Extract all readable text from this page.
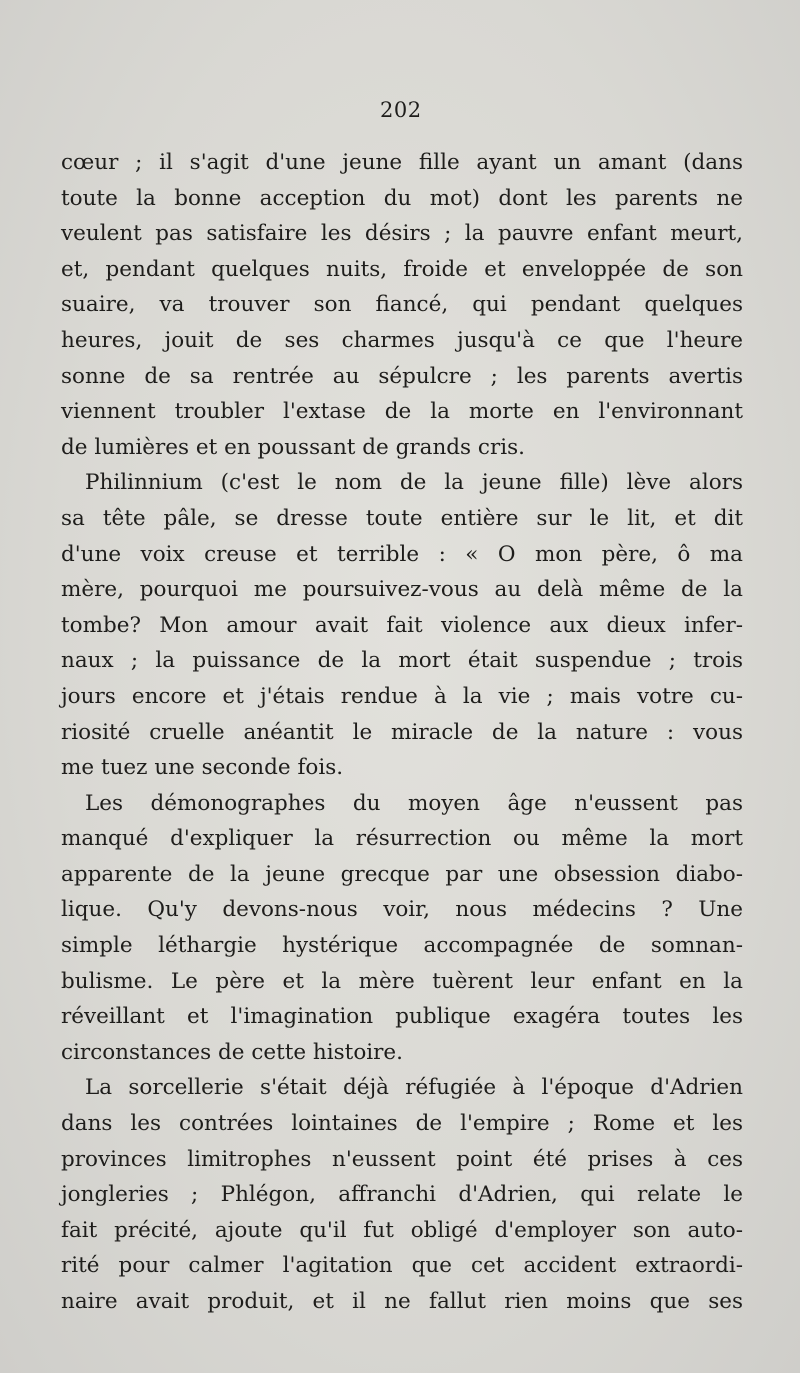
202
cœur ; il s'agit d'une jeune fille ayant un amant (dans
toute la bonne acception du mot) dont les parents ne
veulent pas satisfaire les désirs ; la pauvre enfant meurt,
et, pendant quelques nuits, froide et enveloppée de son
suaire, va trouver son fiancé, qui pendant quelques
heures, jouit de ses charmes jusqu'à ce que l'heure
sonne de sa rentrée au sépulcre ; les parents avertis
viennent troubler l'extase de la morte en l'environnant
de lumières et en poussant de grands cris.
Philinnium (c'est le nom de la jeune fille) lève alors
sa tête pâle, se dresse toute entière sur le lit, et dit
d'une voix creuse et terrible : « O mon père, ô ma
mère, pourquoi me poursuivez-vous au delà même de la
tombe? Mon amour avait fait violence aux dieux infer-
naux ; la puissance de la mort était suspendue ; trois
jours encore et j'étais rendue à la vie ; mais votre cu-
riosité cruelle anéantit le miracle de la nature : vous
me tuez une seconde fois.
Les démonographes du moyen âge n'eussent pas
manqué d'expliquer la résurrection ou même la mort
apparente de la jeune grecque par une obsession diabo-
lique. Qu'y devons-nous voir, nous médecins ? Une
simple léthargie hystérique accompagnée de somnan-
bulisme. Le père et la mère tuèrent leur enfant en la
réveillant et l'imagination publique exagéra toutes les
circonstances de cette histoire.
La sorcellerie s'était déjà réfugiée à l'époque d'Adrien
dans les contrées lointaines de l'empire ; Rome et les
provinces limitrophes n'eussent point été prises à ces
jongleries ; Phlégon, affranchi d'Adrien, qui relate le
fait précité, ajoute qu'il fut obligé d'employer son auto-
rité pour calmer l'agitation que cet accident extraordi-
naire avait produit, et il ne fallut rien moins que ses
